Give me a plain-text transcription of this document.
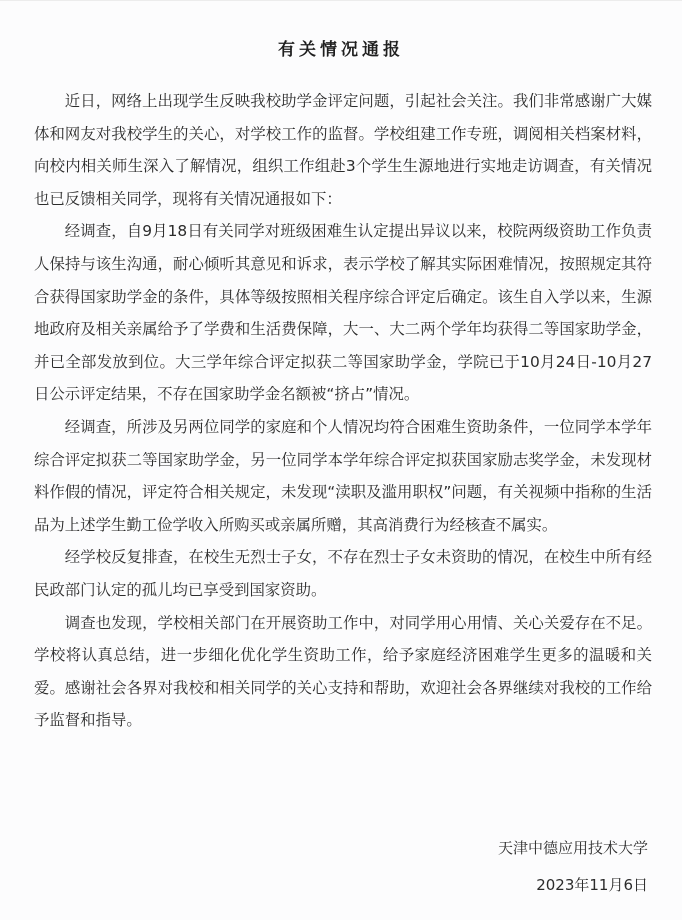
有关情况通报

近日，网络上出现学生反映我校助学金评定问题，引起社会关注。我们非常感谢广大媒体和网友对我校学生的关心，对学校工作的监督。学校组建工作专班，调阅相关档案材料，向校内相关师生深入了解情况，组织工作组赴3个学生生源地进行实地走访调查，有关情况也已反馈相关同学，现将有关情况通报如下：

经调查，自9月18日有关同学对班级困难生认定提出异议以来，校院两级资助工作负责人保持与该生沟通，耐心倾听其意见和诉求，表示学校了解其实际困难情况，按照规定其符合获得国家助学金的条件，具体等级按照相关程序综合评定后确定。该生自入学以来，生源地政府及相关亲属给予了学费和生活费保障，大一、大二两个学年均获得二等国家助学金，并已全部发放到位。大三学年综合评定拟获二等国家助学金，学院已于10月24日-10月27日公示评定结果，不存在国家助学金名额被“挤占”情况。

经调查，所涉及另两位同学的家庭和个人情况均符合困难生资助条件，一位同学本学年综合评定拟获二等国家助学金，另一位同学本学年综合评定拟获国家励志奖学金，未发现材料作假的情况，评定符合相关规定，未发现“渎职及滥用职权”问题，有关视频中指称的生活品为上述学生勤工俭学收入所购买或亲属所赠，其高消费行为经核查不属实。

经学校反复排查，在校生无烈士子女，不存在烈士子女未资助的情况，在校生中所有经民政部门认定的孤儿均已享受到国家资助。

调查也发现，学校相关部门在开展资助工作中，对同学用心用情、关心关爱存在不足。学校将认真总结，进一步细化优化学生资助工作，给予家庭经济困难学生更多的温暖和关爱。感谢社会各界对我校和相关同学的关心支持和帮助，欢迎社会各界继续对我校的工作给予监督和指导。

天津中德应用技术大学
2023年11月6日
